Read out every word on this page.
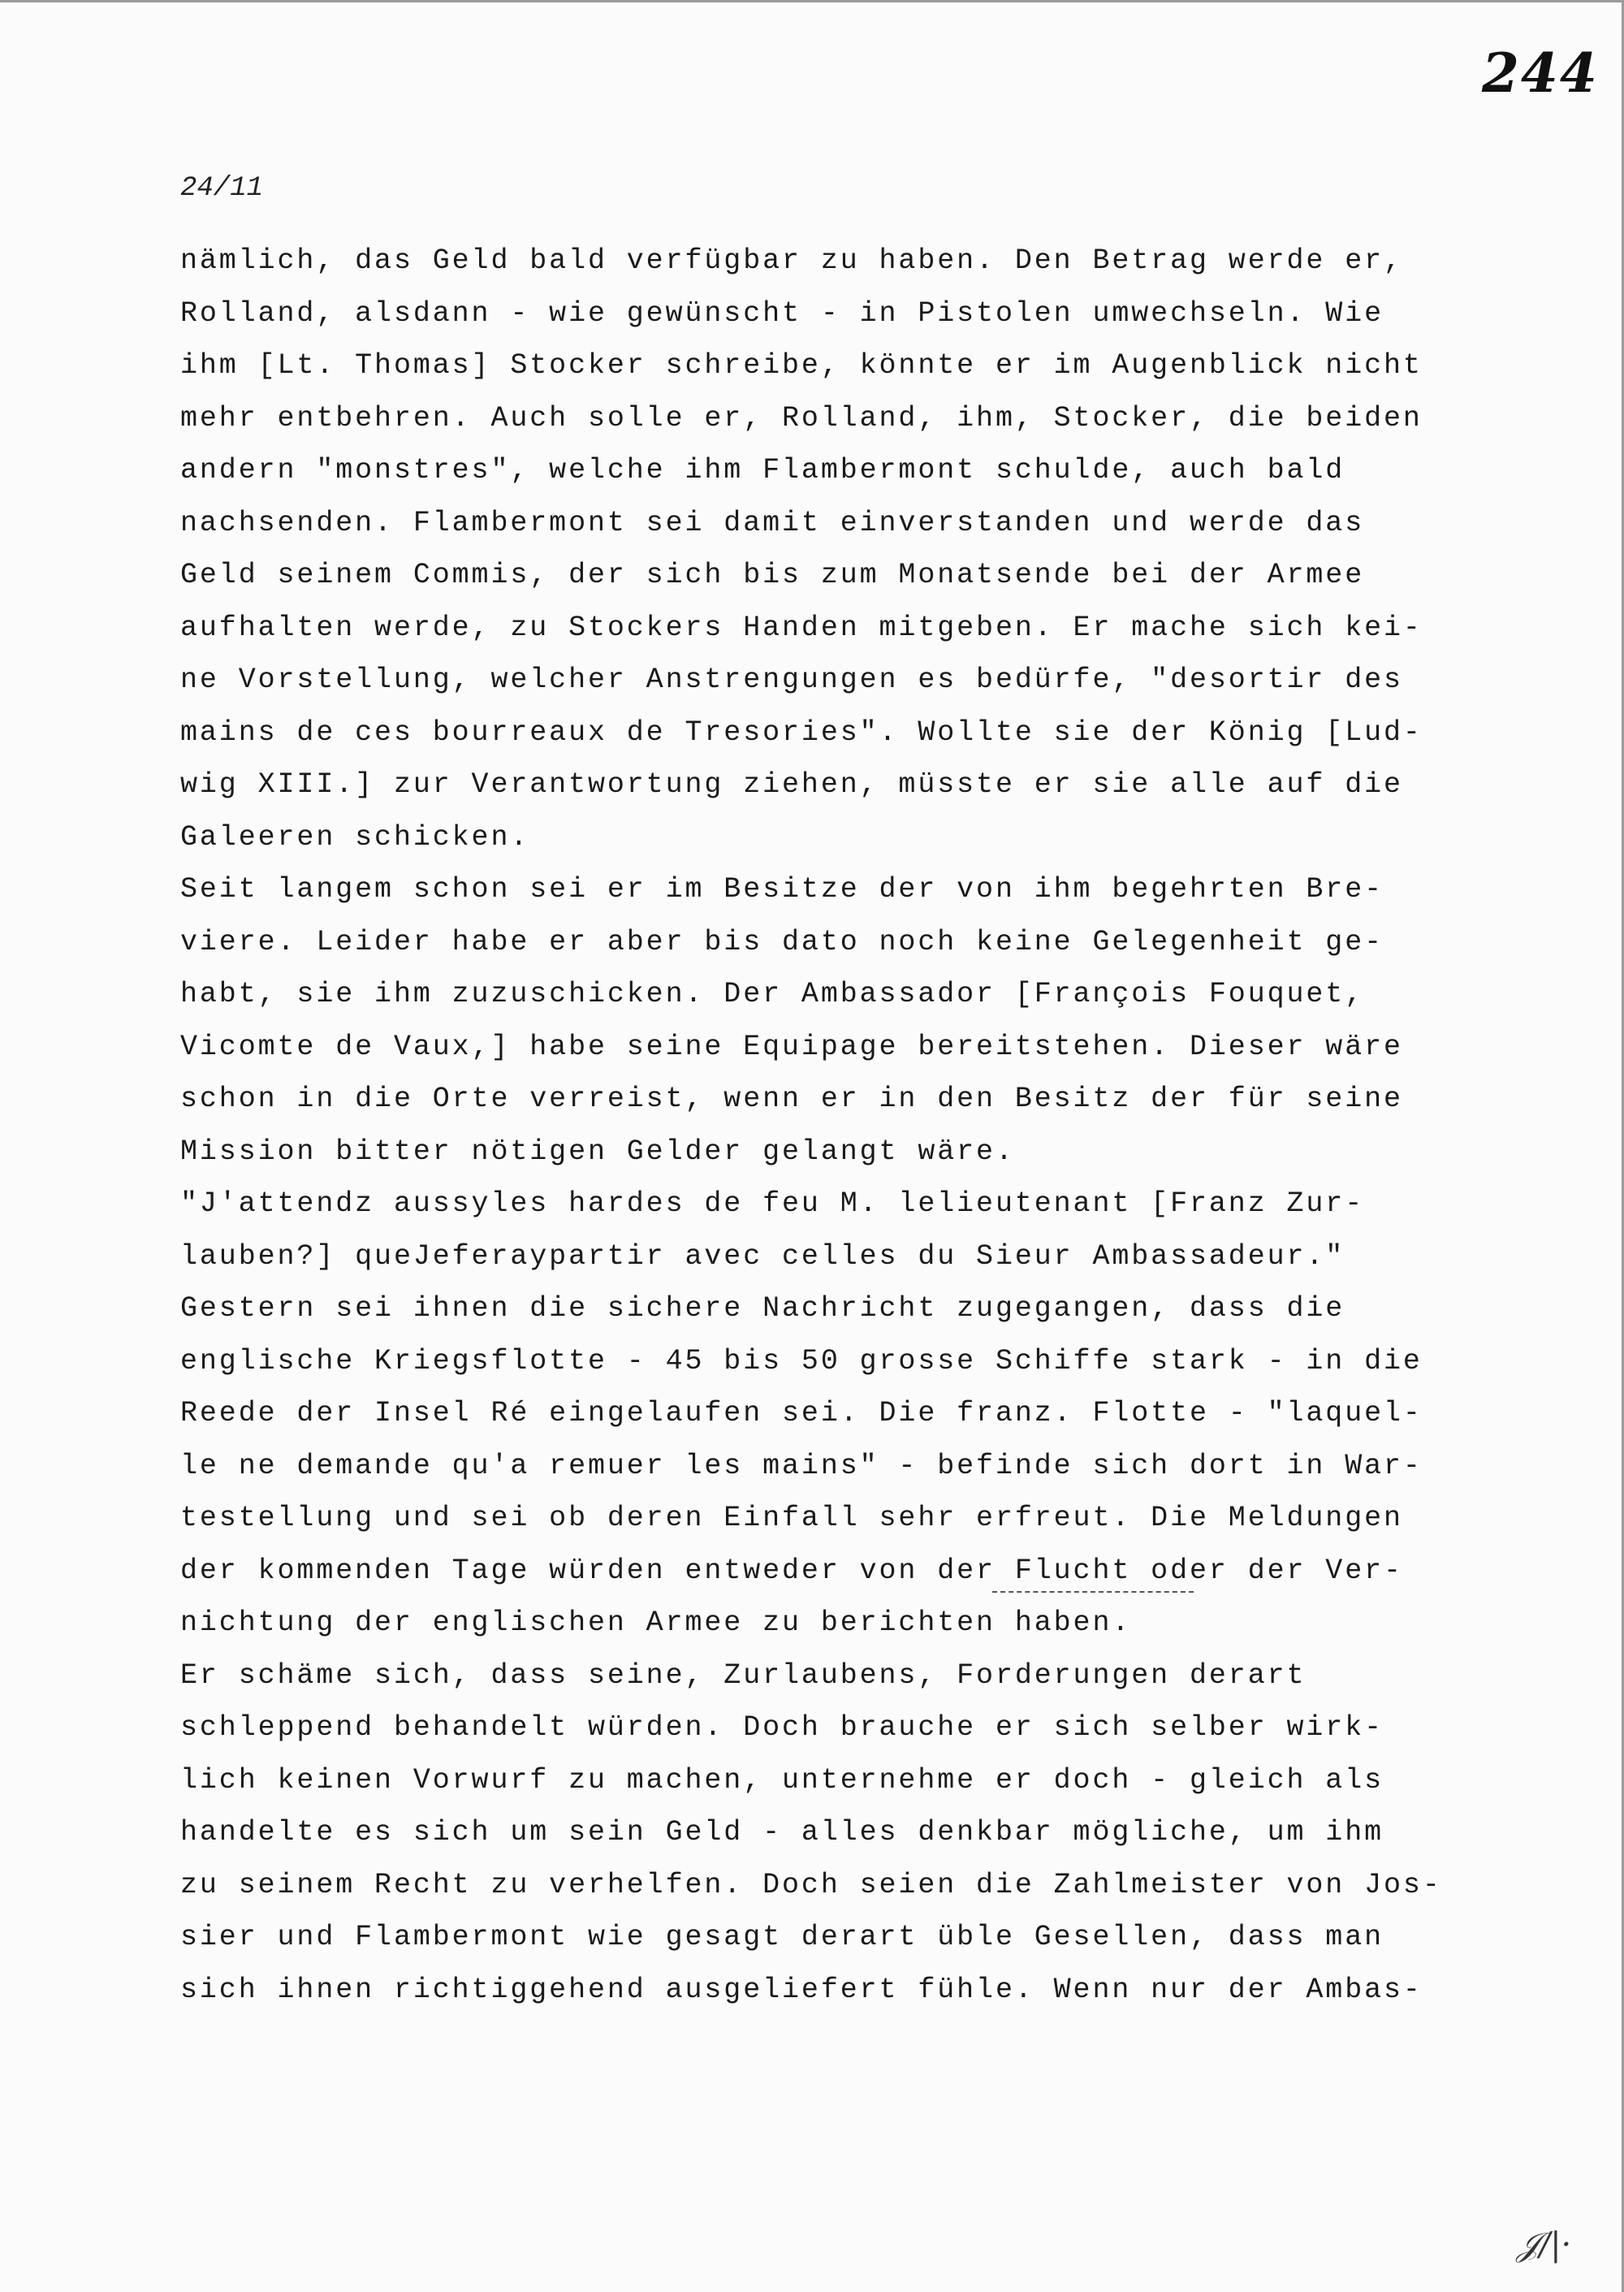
244
24/11
nämlich, das Geld bald verfügbar zu haben. Den Betrag werde er,
Rolland, alsdann - wie gewünscht - in Pistolen umwechseln. Wie
ihm [Lt. Thomas] Stocker schreibe, könnte er im Augenblick nicht
mehr entbehren. Auch solle er, Rolland, ihm, Stocker, die beiden
andern "monstres", welche ihm Flambermont schulde, auch bald
nachsenden. Flambermont sei damit einverstanden und werde das
Geld seinem Commis, der sich bis zum Monatsende bei der Armee
aufhalten werde, zu Stockers Handen mitgeben. Er mache sich kei-
ne Vorstellung, welcher Anstrengungen es bedürfe, "desortir des
mains de ces bourreaux de Tresories". Wollte sie der König [Lud-
wig XIII.] zur Verantwortung ziehen, müsste er sie alle auf die
Galeeren schicken.
Seit langem schon sei er im Besitze der von ihm begehrten Bre-
viere. Leider habe er aber bis dato noch keine Gelegenheit ge-
habt, sie ihm zuzuschicken. Der Ambassador [François Fouquet,
Vicomte de Vaux,] habe seine Equipage bereitstehen. Dieser wäre
schon in die Orte verreist, wenn er in den Besitz der für seine
Mission bitter nötigen Gelder gelangt wäre.
"J'attendz aussyles hardes de feu M. lelieutenant [Franz Zur-
lauben?] queJeferaypartir avec celles du Sieur Ambassadeur."
Gestern sei ihnen die sichere Nachricht zugegangen, dass die
englische Kriegsflotte - 45 bis 50 grosse Schiffe stark - in die
Reede der Insel Ré eingelaufen sei. Die franz. Flotte - "laquel-
le ne demande qu'a remuer les mains" - befinde sich dort in War-
testellung und sei ob deren Einfall sehr erfreut. Die Meldungen
der kommenden Tage würden entweder von der Flucht oder der Ver-
nichtung der englischen Armee zu berichten haben.
Er schäme sich, dass seine, Zurlaubens, Forderungen derart
schleppend behandelt würden. Doch brauche er sich selber wirk-
lich keinen Vorwurf zu machen, unternehme er doch - gleich als
handelte es sich um sein Geld - alles denkbar mögliche, um ihm
zu seinem Recht zu verhelfen. Doch seien die Zahlmeister von Jos-
sier und Flambermont wie gesagt derart üble Gesellen, dass man
sich ihnen richtiggehend ausgeliefert fühle. Wenn nur der Ambas-
𝒥/|·
